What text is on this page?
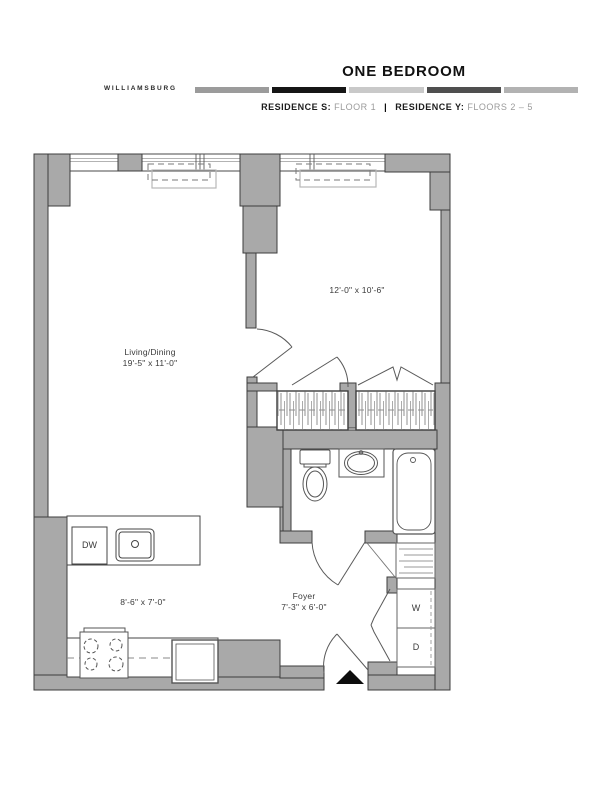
ONE BEDROOM
WILLIAMSBURG
RESIDENCE S: FLOOR 1 | RESIDENCE Y: FLOORS 2 – 5
Living/Dining
19'-5" x 11'-0"
12'-0" x 10'-6"
8'-6" x 7'-0"
Foyer
7'-3" x 6'-0"
DW
W
D
